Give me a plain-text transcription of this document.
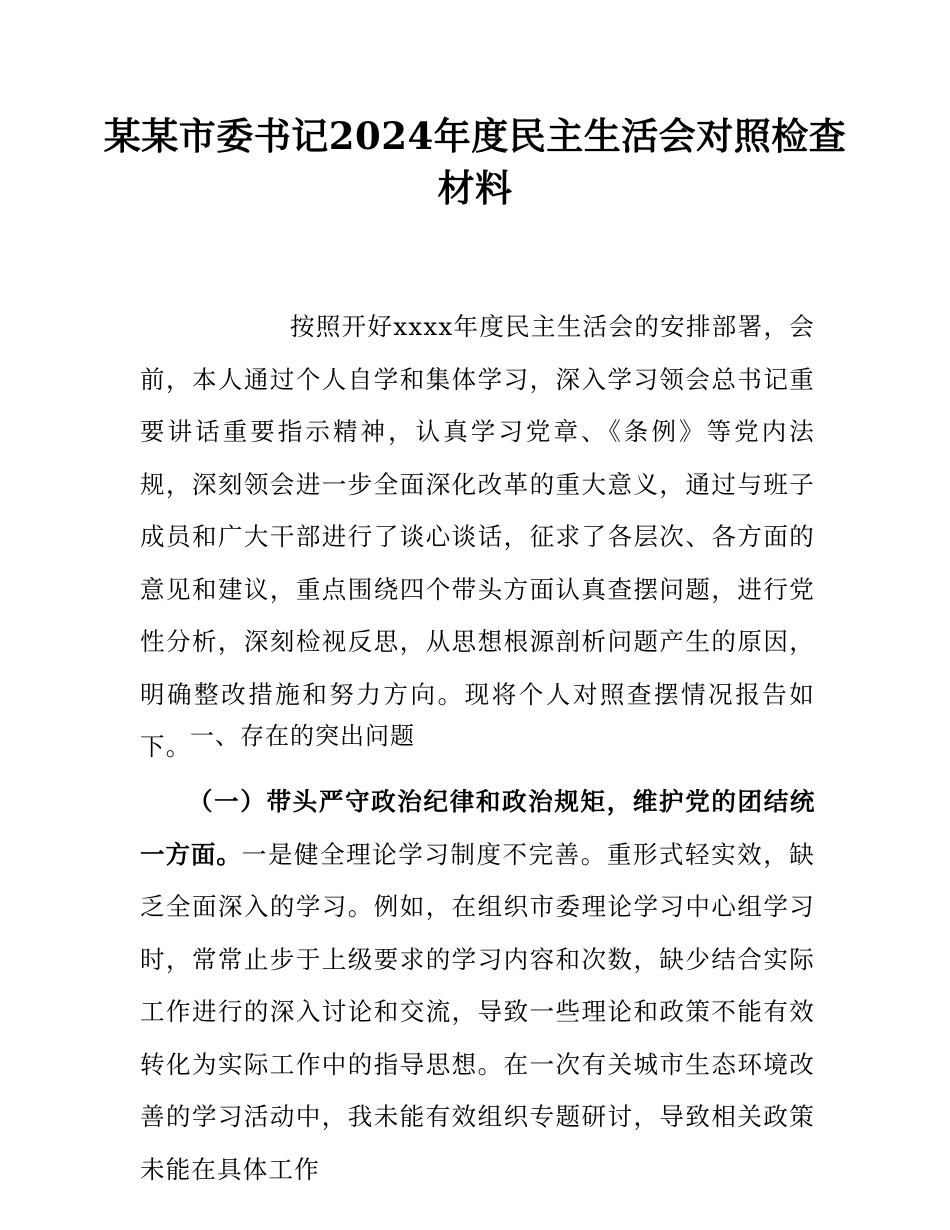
某某市委书记2024年度民主生活会对照检查材料
按照开好xxxx年度民主生活会的安排部署，会前，本人通过个人自学和集体学习，深入学习领会总书记重要讲话重要指示精神，认真学习党章、《条例》等党内法规，深刻领会进一步全面深化改革的重大意义，通过与班子成员和广大干部进行了谈心谈话，征求了各层次、各方面的意见和建议，重点围绕四个带头方面认真查摆问题，进行党性分析，深刻检视反思，从思想根源剖析问题产生的原因，明确整改措施和努力方向。现将个人对照查摆情况报告如下。
一、存在的突出问题
（一）带头严守政治纪律和政治规矩，维护党的团结统一方面。一是健全理论学习制度不完善。重形式轻实效，缺乏全面深入的学习。例如，在组织市委理论学习中心组学习时，常常止步于上级要求的学习内容和次数，缺少结合实际工作进行的深入讨论和交流，导致一些理论和政策不能有效转化为实际工作中的指导思想。在一次有关城市生态环境改善的学习活动中，我未能有效组织专题研讨，导致相关政策未能在具体工作
